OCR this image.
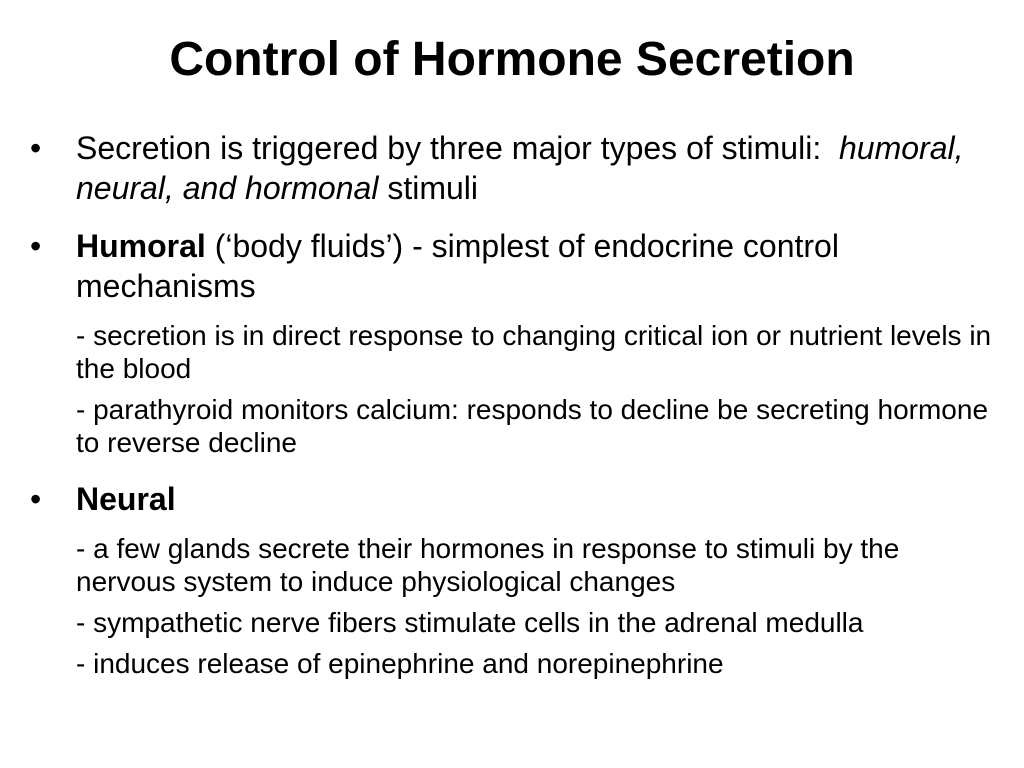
Control of Hormone Secretion
•	Secretion is triggered by three major types of stimuli: humoral, neural, and hormonal stimuli
•	Humoral (‘body fluids’) - simplest of endocrine control mechanisms
- secretion is in direct response to changing critical ion or nutrient levels in the blood
- parathyroid monitors calcium: responds to decline be secreting hormone to reverse decline
•	Neural
- a few glands secrete their hormones in response to stimuli by the nervous system to induce physiological changes
- sympathetic nerve fibers stimulate cells in the adrenal medulla
- induces release of epinephrine and norepinephrine
